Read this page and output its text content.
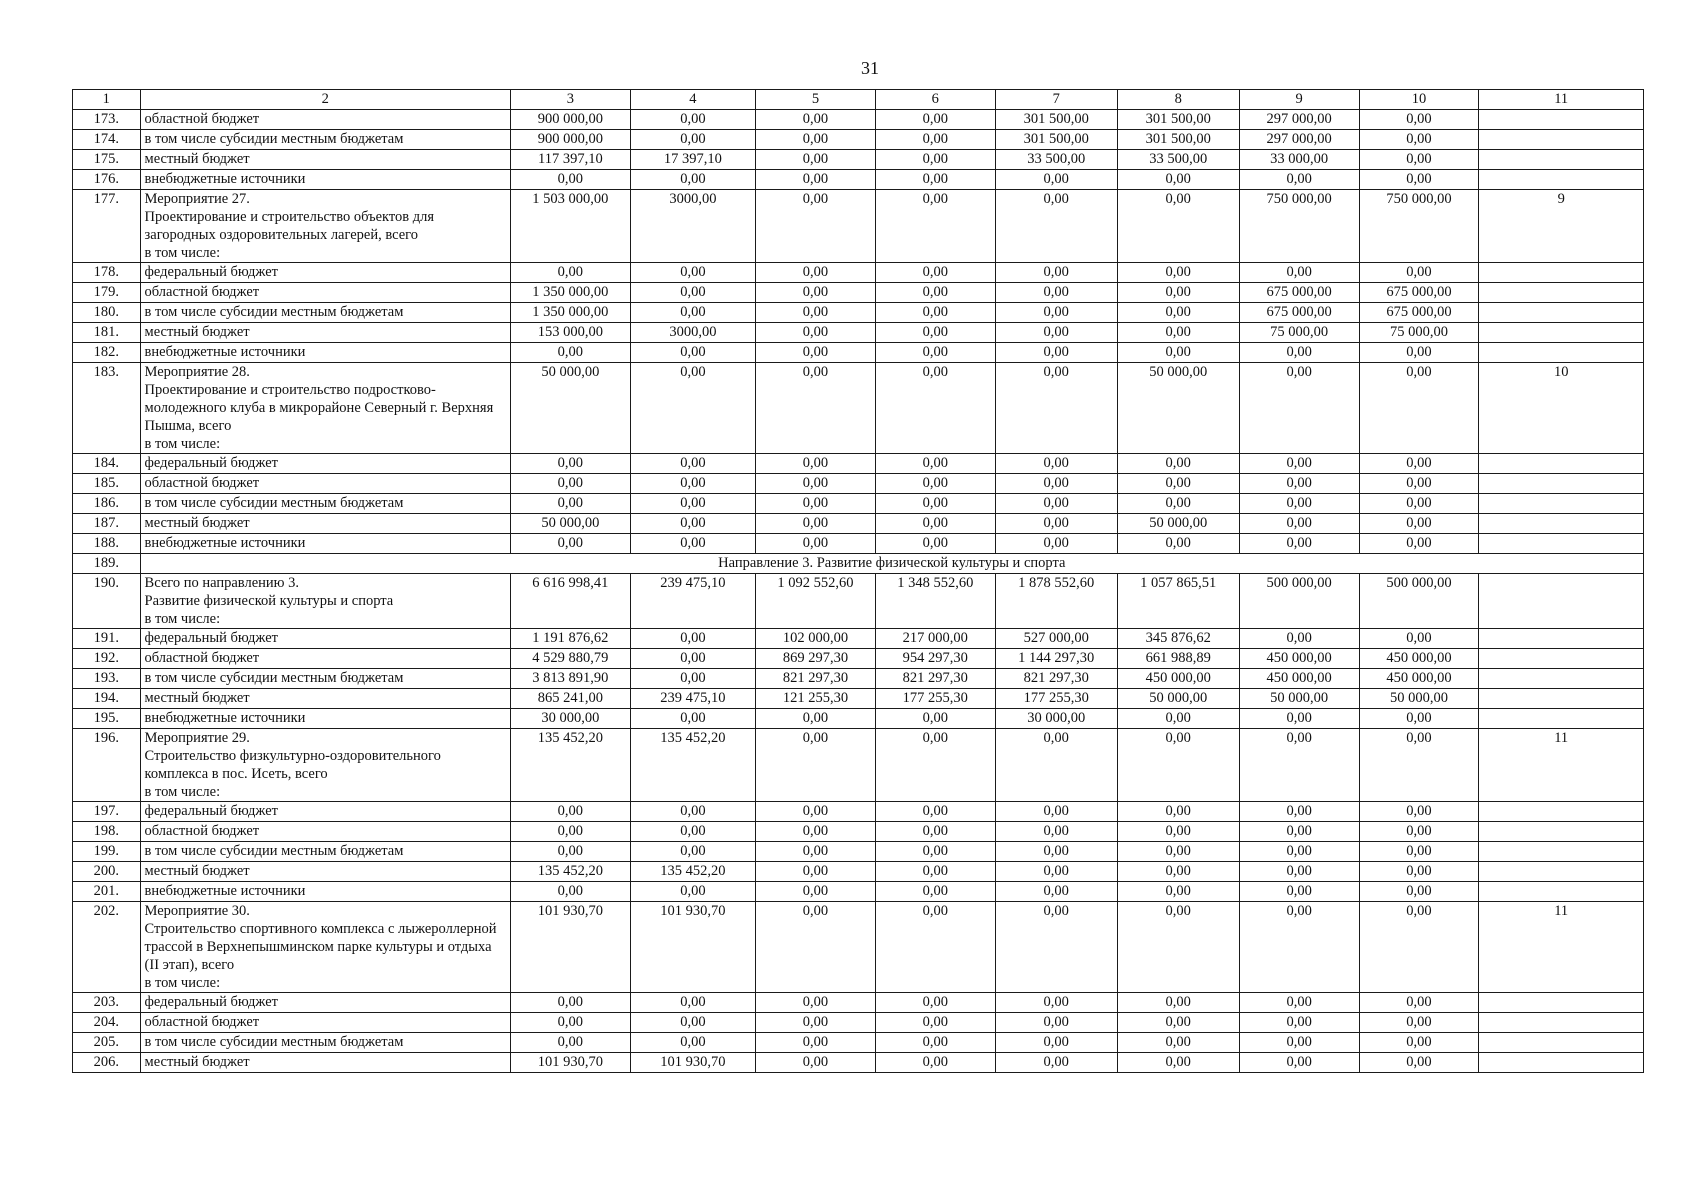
31
1	2	3	4	5	6	7	8	9	10	11
173.	областной бюджет	900 000,00	0,00	0,00	0,00	301 500,00	301 500,00	297 000,00	0,00	
174.	в том числе субсидии местным бюджетам	900 000,00	0,00	0,00	0,00	301 500,00	301 500,00	297 000,00	0,00	
175.	местный бюджет	117 397,10	17 397,10	0,00	0,00	33 500,00	33 500,00	33 000,00	0,00	
176.	внебюджетные источники	0,00	0,00	0,00	0,00	0,00	0,00	0,00	0,00	
177.	Мероприятие 27.
Проектирование и строительство объектов для загородных оздоровительных лагерей, всего
в том числе:	1 503 000,00	3000,00	0,00	0,00	0,00	0,00	750 000,00	750 000,00	9
178.	федеральный бюджет	0,00	0,00	0,00	0,00	0,00	0,00	0,00	0,00	
179.	областной бюджет	1 350 000,00	0,00	0,00	0,00	0,00	0,00	675 000,00	675 000,00	
180.	в том числе субсидии местным бюджетам	1 350 000,00	0,00	0,00	0,00	0,00	0,00	675 000,00	675 000,00	
181.	местный бюджет	153 000,00	3000,00	0,00	0,00	0,00	0,00	75 000,00	75 000,00	
182.	внебюджетные источники	0,00	0,00	0,00	0,00	0,00	0,00	0,00	0,00	
183.	Мероприятие 28.
Проектирование и строительство подростково-молодежного клуба в микрорайоне Северный г. Верхняя Пышма, всего
в том числе:	50 000,00	0,00	0,00	0,00	0,00	50 000,00	0,00	0,00	10
184.	федеральный бюджет	0,00	0,00	0,00	0,00	0,00	0,00	0,00	0,00	
185.	областной бюджет	0,00	0,00	0,00	0,00	0,00	0,00	0,00	0,00	
186.	в том числе субсидии местным бюджетам	0,00	0,00	0,00	0,00	0,00	0,00	0,00	0,00	
187.	местный бюджет	50 000,00	0,00	0,00	0,00	0,00	50 000,00	0,00	0,00	
188.	внебюджетные источники	0,00	0,00	0,00	0,00	0,00	0,00	0,00	0,00	
189.	Направление 3. Развитие физической культуры и спорта									
190.	Всего по направлению 3.
Развитие физической культуры и спорта
в том числе:	6 616 998,41	239 475,10	1 092 552,60	1 348 552,60	1 878 552,60	1 057 865,51	500 000,00	500 000,00	
191.	федеральный бюджет	1 191 876,62	0,00	102 000,00	217 000,00	527 000,00	345 876,62	0,00	0,00	
192.	областной бюджет	4 529 880,79	0,00	869 297,30	954 297,30	1 144 297,30	661 988,89	450 000,00	450 000,00	
193.	в том числе субсидии местным бюджетам	3 813 891,90	0,00	821 297,30	821 297,30	821 297,30	450 000,00	450 000,00	450 000,00	
194.	местный бюджет	865 241,00	239 475,10	121 255,30	177 255,30	177 255,30	50 000,00	50 000,00	50 000,00	
195.	внебюджетные источники	30 000,00	0,00	0,00	0,00	30 000,00	0,00	0,00	0,00	
196.	Мероприятие 29.
Строительство физкультурно-оздоровительного комплекса в пос. Исеть, всего
в том числе:	135 452,20	135 452,20	0,00	0,00	0,00	0,00	0,00	0,00	11
197.	федеральный бюджет	0,00	0,00	0,00	0,00	0,00	0,00	0,00	0,00	
198.	областной бюджет	0,00	0,00	0,00	0,00	0,00	0,00	0,00	0,00	
199.	в том числе субсидии местным бюджетам	0,00	0,00	0,00	0,00	0,00	0,00	0,00	0,00	
200.	местный бюджет	135 452,20	135 452,20	0,00	0,00	0,00	0,00	0,00	0,00	
201.	внебюджетные источники	0,00	0,00	0,00	0,00	0,00	0,00	0,00	0,00	
202.	Мероприятие 30.
Строительство спортивного комплекса с лыжероллерной трассой в Верхнепышминском парке культуры и отдыха (II этап), всего
в том числе:	101 930,70	101 930,70	0,00	0,00	0,00	0,00	0,00	0,00	11
203.	федеральный бюджет	0,00	0,00	0,00	0,00	0,00	0,00	0,00	0,00	
204.	областной бюджет	0,00	0,00	0,00	0,00	0,00	0,00	0,00	0,00	
205.	в том числе субсидии местным бюджетам	0,00	0,00	0,00	0,00	0,00	0,00	0,00	0,00	
206.	местный бюджет	101 930,70	101 930,70	0,00	0,00	0,00	0,00	0,00	0,00	
